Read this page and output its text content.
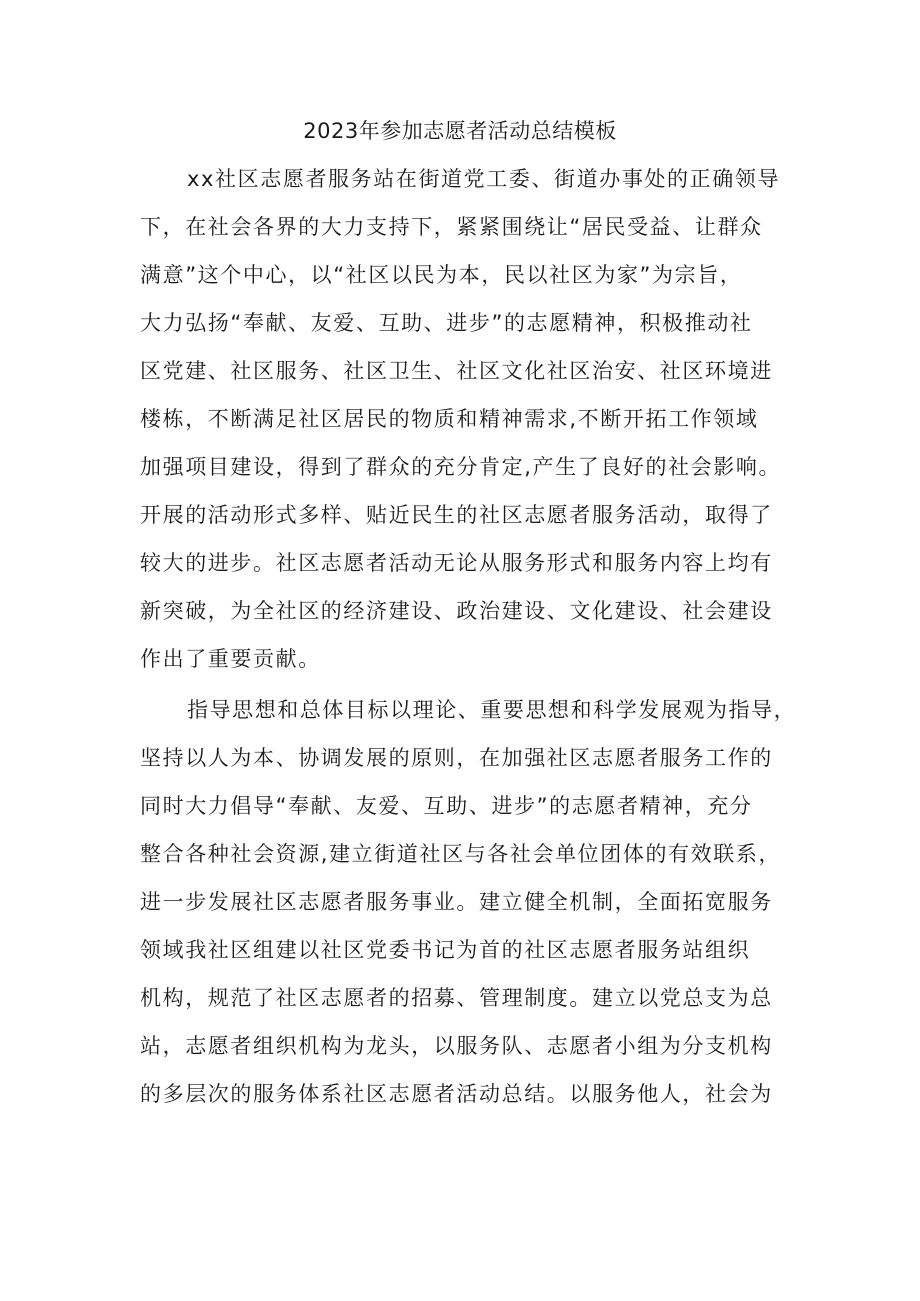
2023年参加志愿者活动总结模板
xx社区志愿者服务站在街道党工委、街道办事处的正确领导
下，在社会各界的大力支持下，紧紧围绕让“居民受益、让群众
满意”这个中心，以“社区以民为本，民以社区为家”为宗旨，
大力弘扬“奉献、友爱、互助、进步”的志愿精神，积极推动社
区党建、社区服务、社区卫生、社区文化社区治安、社区环境进
楼栋，不断满足社区居民的物质和精神需求,不断开拓工作领域
加强项目建设，得到了群众的充分肯定,产生了良好的社会影响。
开展的活动形式多样、贴近民生的社区志愿者服务活动，取得了
较大的进步。社区志愿者活动无论从服务形式和服务内容上均有
新突破，为全社区的经济建设、政治建设、文化建设、社会建设
作出了重要贡献。
指导思想和总体目标以理论、重要思想和科学发展观为指导，
坚持以人为本、协调发展的原则，在加强社区志愿者服务工作的
同时大力倡导“奉献、友爱、互助、进步”的志愿者精神，充分
整合各种社会资源,建立街道社区与各社会单位团体的有效联系，
进一步发展社区志愿者服务事业。建立健全机制，全面拓宽服务
领域我社区组建以社区党委书记为首的社区志愿者服务站组织
机构，规范了社区志愿者的招募、管理制度。建立以党总支为总
站，志愿者组织机构为龙头，以服务队、志愿者小组为分支机构
的多层次的服务体系社区志愿者活动总结。以服务他人，社会为
